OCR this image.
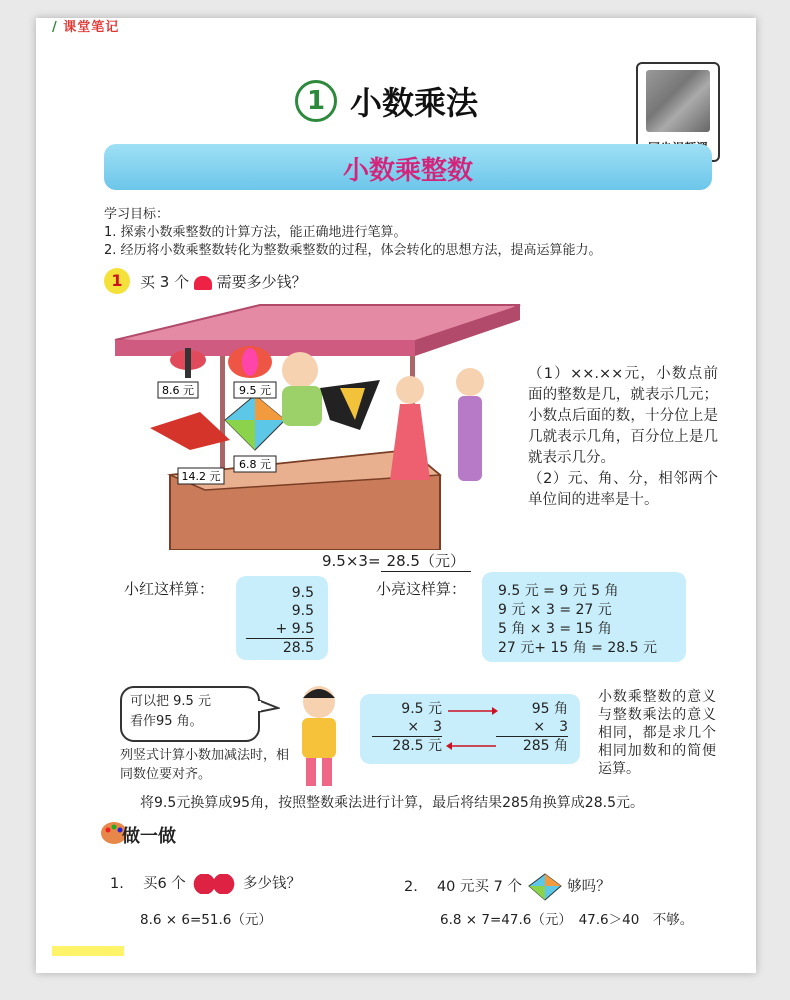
/ 课堂笔记
1 小数乘法
小数乘整数
学习目标：
1. 探索小数乘整数的计算方法，能正确地进行笔算。
2. 经历将小数乘整数转化为整数乘整数的过程，体会转化的思想方法，提高运算能力。
1	买 3 个 需要多少钱？
8.6 元	9.5 元
6.8 元
14.2 元
（1）××.××元，小数点前面的整数是几，就表示几元；小数点后面的数，十分位上是几就表示几角，百分位上是几就表示几分。
（2）元、角、分，相邻两个单位间的进率是十。
9.5×3= 28.5（元）
小红这样算：	9.5
9.5
+ 9.5
28.5
小亮这样算： 9.5 元 = 9 元 5 角
9 元 × 3 = 27 元
5 角 × 3 = 15 角
27 元+ 15 角 = 28.5 元
可以把 9.5 元
看作95 角。
列竖式计算小数加减法时，相同数位要对齐。
9.5 元
×　3
28.5 元
95 角
×　3
285 角
小数乘整数的意义与整数乘法的意义相同，都是求几个相同加数和的简便运算。
将9.5元换算成95角，按照整数乘法进行计算，最后将结果285角换算成28.5元。
做一做
1.　 买6 个	多少钱？
8.6 × 6=51.6（元）
2.　 40 元买 7 个	够吗？
6.8 × 7=47.6（元）　47.6＞40　不够。
